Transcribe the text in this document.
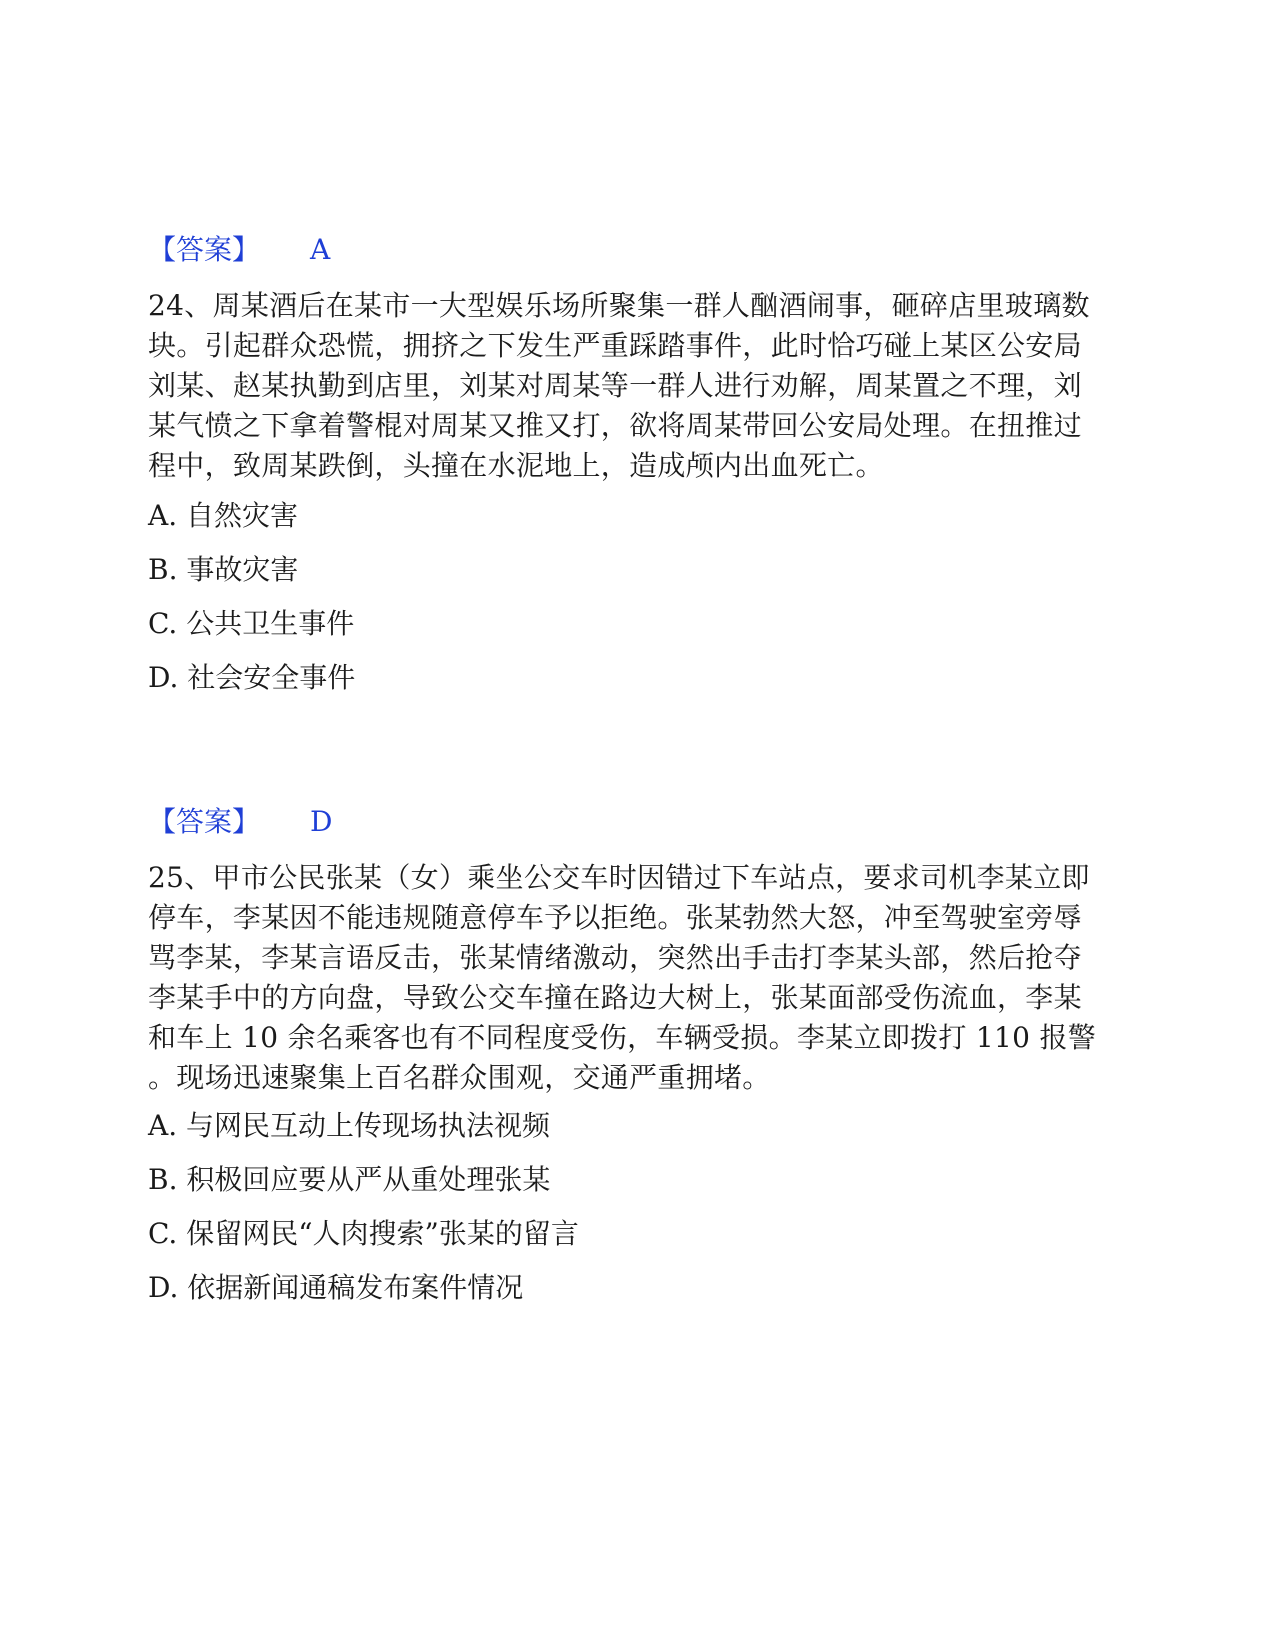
【答案】 A
24、周某酒后在某市一大型娱乐场所聚集一群人酗酒闹事，砸碎店里玻璃数
块。引起群众恐慌，拥挤之下发生严重踩踏事件，此时恰巧碰上某区公安局
刘某、赵某执勤到店里，刘某对周某等一群人进行劝解，周某置之不理，刘
某气愤之下拿着警棍对周某又推又打，欲将周某带回公安局处理。在扭推过
程中，致周某跌倒，头撞在水泥地上，造成颅内出血死亡。
A. 自然灾害
B. 事故灾害
C. 公共卫生事件
D. 社会安全事件
【答案】 D
25、甲市公民张某（女）乘坐公交车时因错过下车站点，要求司机李某立即
停车，李某因不能违规随意停车予以拒绝。张某勃然大怒，冲至驾驶室旁辱
骂李某，李某言语反击，张某情绪激动，突然出手击打李某头部，然后抢夺
李某手中的方向盘，导致公交车撞在路边大树上，张某面部受伤流血，李某
和车上 10 余名乘客也有不同程度受伤，车辆受损。李某立即拨打 110 报警
。现场迅速聚集上百名群众围观，交通严重拥堵。
A. 与网民互动上传现场执法视频
B. 积极回应要从严从重处理张某
C. 保留网民“人肉搜索”张某的留言
D. 依据新闻通稿发布案件情况
